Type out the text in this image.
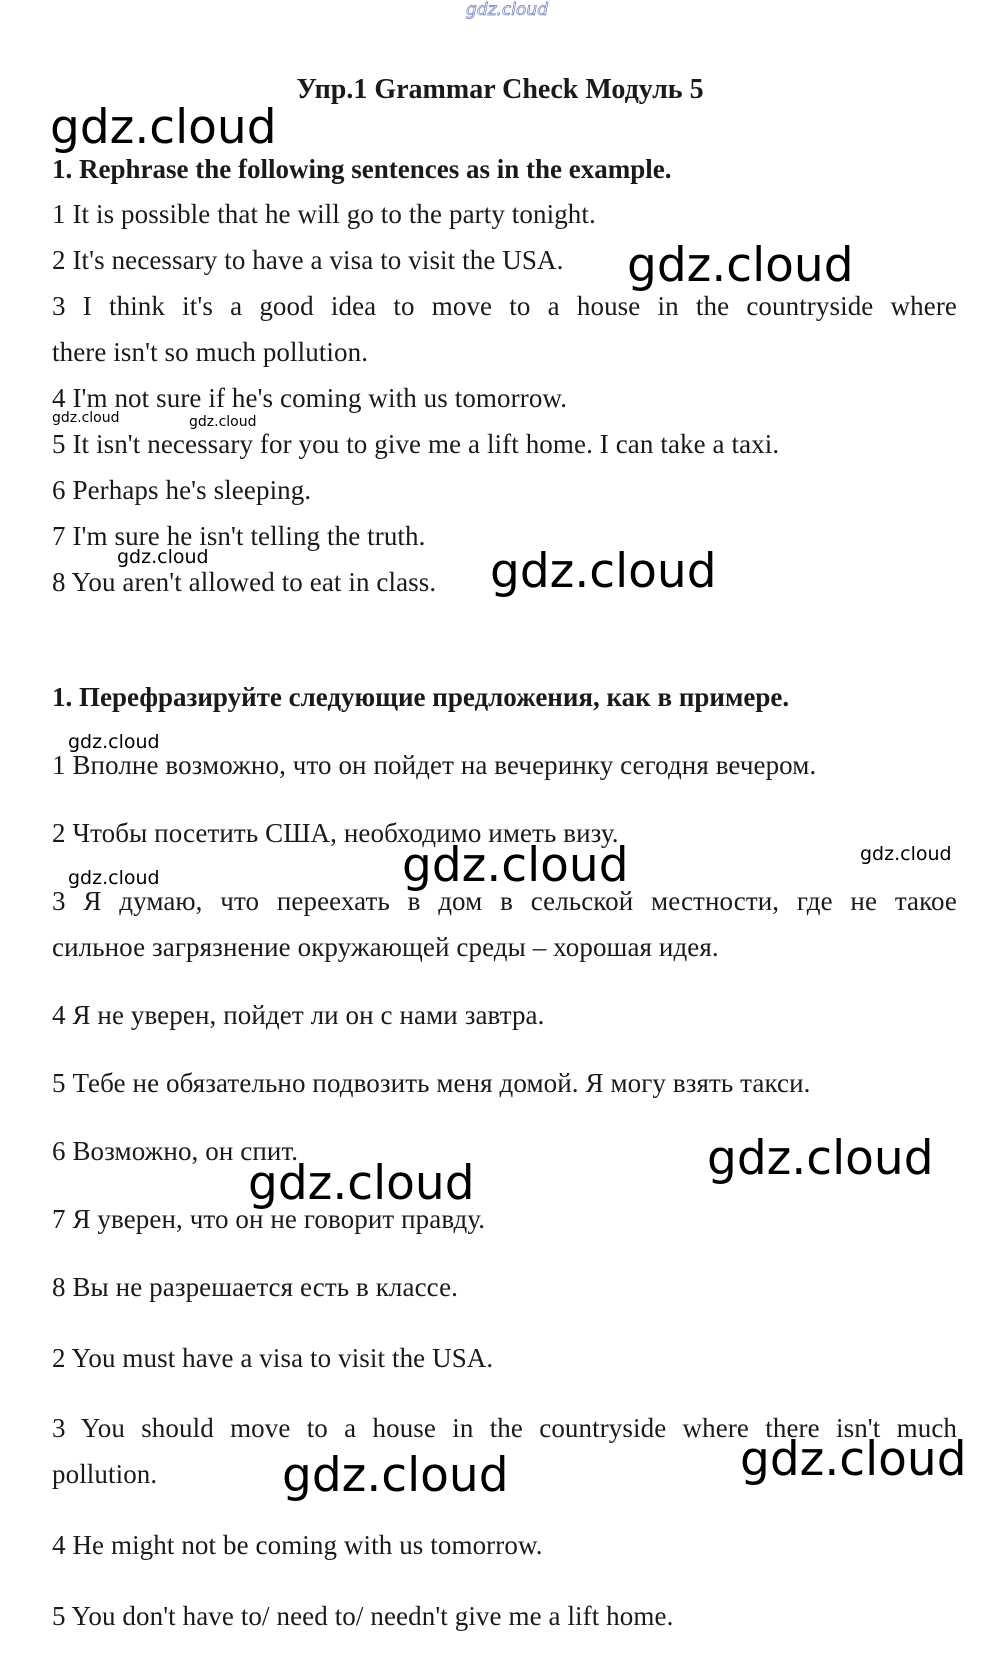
gdz.cloud
Упр.1 Grammar Check Модуль 5
1. Rephrase the following sentences as in the example.
1 It is possible that he will go to the party tonight.
2 It's necessary to have a visa to visit the USA.
3 I think it's a good idea to move to a house in the countryside where
there isn't so much pollution.
4 I'm not sure if he's coming with us tomorrow.
5 It isn't necessary for you to give me a lift home. I can take a taxi.
6 Perhaps he's sleeping.
7 I'm sure he isn't telling the truth.
8 You aren't allowed to eat in class.
1. Перефразируйте следующие предложения, как в примере.
1 Вполне возможно, что он пойдет на вечеринку сегодня вечером.
2 Чтобы посетить США, необходимо иметь визу.
3 Я думаю, что переехать в дом в сельской местности, где не такое
сильное загрязнение окружающей среды – хорошая идея.
4 Я не уверен, пойдет ли он с нами завтра.
5 Тебе не обязательно подвозить меня домой. Я могу взять такси.
6 Возможно, он спит.
7 Я уверен, что он не говорит правду.
8 Вы не разрешается есть в классе.
2 You must have a visa to visit the USA.
3 You should move to a house in the countryside where there isn't much
pollution.
4 He might not be coming with us tomorrow.
5 You don't have to/ need to/ needn't give me a lift home.
gdz.cloud
gdz.cloud
gdz.cloud	gdz.cloud
gdz.cloud	gdz.cloud
gdz.cloud
gdz.cloud	gdz.cloud
gdz.cloud
gdz.cloud
gdz.cloud
gdz.cloud
gdz.cloud
